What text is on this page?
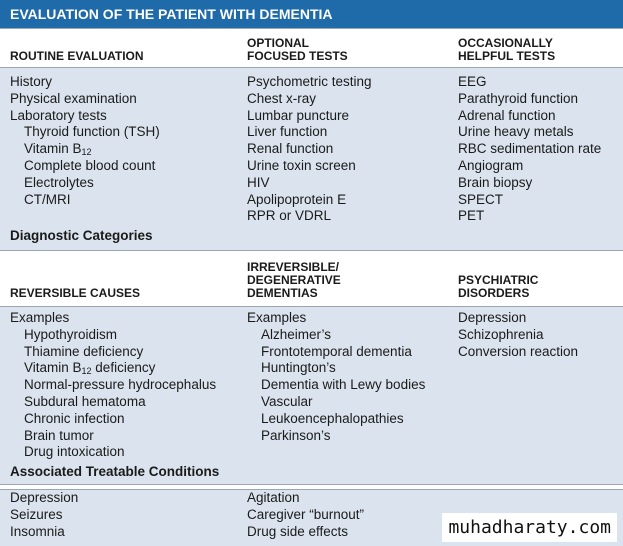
EVALUATION OF THE PATIENT WITH DEMENTIA
ROUTINE EVALUATION
OPTIONAL
FOCUSED TESTS
OCCASIONALLY
HELPFUL TESTS
History
Physical examination
Laboratory tests
Thyroid function (TSH)
Vitamin $B_{12}$
Complete blood count
Electrolytes
CT/MRI
Psychometric testing
Chest x-ray
Lumbar puncture
Liver function
Renal function
Urine toxin screen
HIV
Apolipoprotein E
RPR or VDRL
EEG
Parathyroid function
Adrenal function
Urine heavy metals
RBC sedimentation rate
Angiogram
Brain biopsy
SPECT
PET
Diagnostic Categories
REVERSIBLE CAUSES
IRREVERSIBLE/
DEGENERATIVE
DEMENTIAS
PSYCHIATRIC
DISORDERS
Examples
Hypothyroidism
Thiamine deficiency
Vitamin $B_{12}$ deficiency
Normal-pressure hydrocephalus
Subdural hematoma
Chronic infection
Brain tumor
Drug intoxication
Examples
Alzheimer’s
Frontotemporal dementia
Huntington’s
Dementia with Lewy bodies
Vascular
Leukoencephalopathies
Parkinson’s
Depression
Schizophrenia
Conversion reaction
Associated Treatable Conditions
Depression
Seizures
Insomnia
Agitation
Caregiver “burnout”
Drug side effects	muhadharaty.com
